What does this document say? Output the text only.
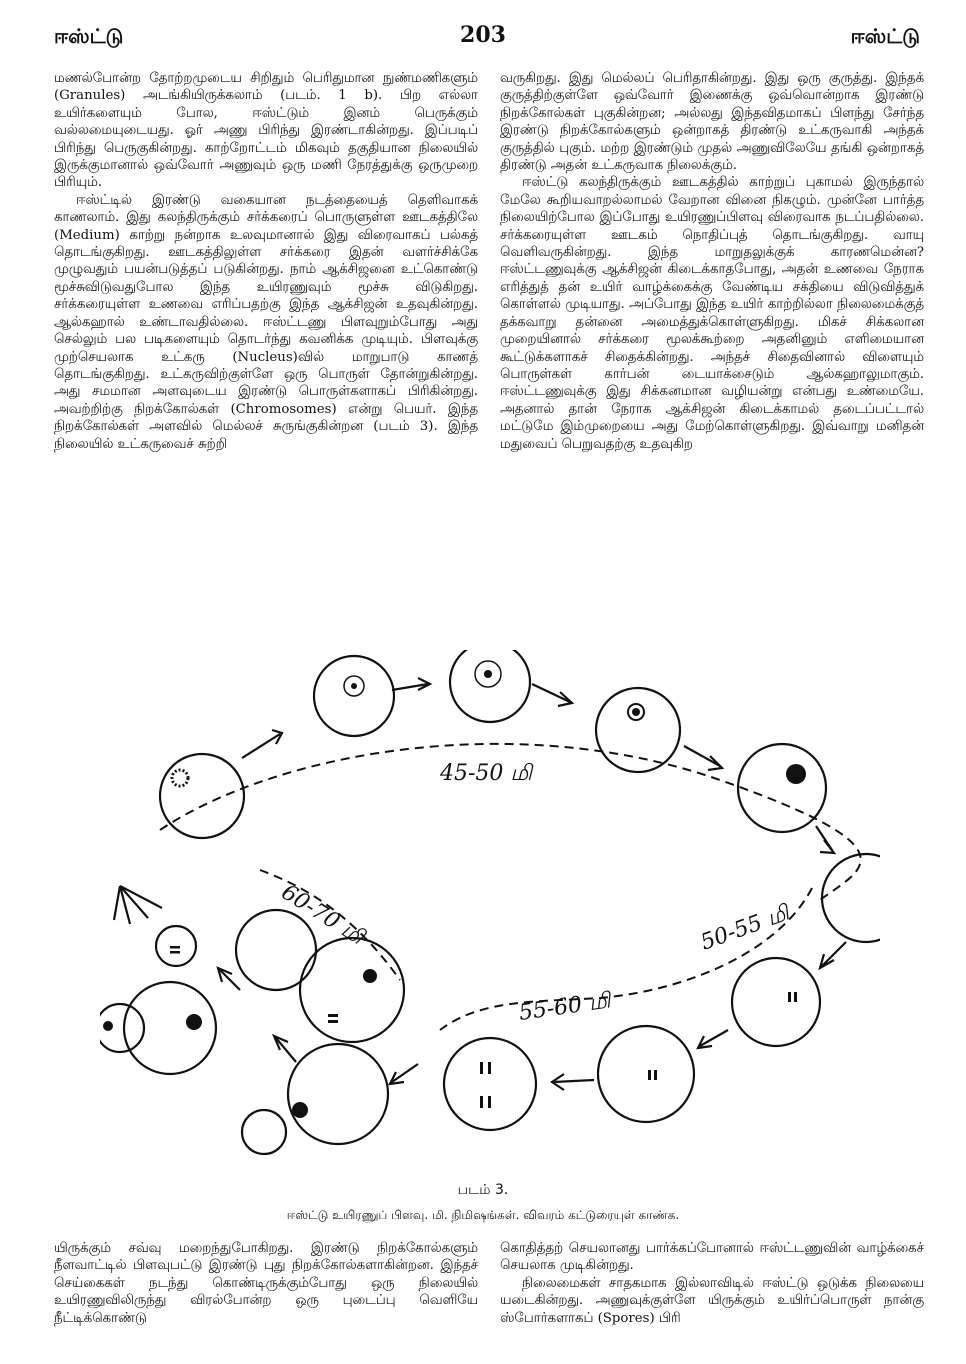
ஈஸ்ட்டு	203	ஈஸ்ட்டு

மணல்போன்ற தோற்றமுடைய சிறிதும் பெரிதுமான நுண்மணிகளும் (Granules) அடங்கியிருக்கலாம் (படம். 1 b). பிற எல்லா உயிர்களையும் போல, ஈஸ்ட்டும் இனம் பெருக்கும் வல்லமையுடையது. ஓர் அணு பிரிந்து இரண்டாகின்றது. இப்படிப் பிரிந்து பெருகுகின்றது. காற்றோட்டம் மிகவும் தகுதியான நிலையில் இருக்குமானால் ஒவ்வோர் அணுவும் ஒரு மணி நேரத்துக்கு ஒருமுறை பிரியும்.

ஈஸ்ட்டில் இரண்டு வகையான நடத்தையைத் தெளிவாகக் காணலாம். இது கலந்திருக்கும் சர்க்கரைப் பொருளுள்ள ஊடகத்திலே (Medium) காற்று நன்றாக உலவுமானால் இது விரைவாகப் பல்கத் தொடங்குகிறது. ஊடகத்திலுள்ள சர்க்கரை இதன் வளர்ச்சிக்கே முழுவதும் பயன்படுத்தப் படுகின்றது. நாம் ஆக்சிஜனை உட்கொண்டு மூச்சுவிடுவதுபோல இந்த உயிரணுவும் மூச்சு விடுகிறது. சர்க்கரையுள்ள உணவை எரிப்பதற்கு இந்த ஆக்சிஜன் உதவுகின்றது. ஆல்கஹால் உண்டாவதில்லை. ஈஸ்ட்டணு பிளவுறும்போது அது செல்லும் பல படிகளையும் தொடர்ந்து கவனிக்க முடியும். பிளவுக்கு முற்செயலாக உட்கரு (Nucleus)வில் மாறுபாடு காணத் தொடங்குகிறது. உட்கருவிற்குள்ளே ஒரு பொருள் தோன்றுகின்றது. அது சமமான அளவுடைய இரண்டு பொருள்களாகப் பிரிகின்றது. அவற்றிற்கு நிறக்கோல்கள் (Chromosomes) என்று பெயர். இந்த நிறக்கோல்கள் அளவில் மெல்லச் சுருங்குகின்றன (படம் 3). இந்த நிலையில் உட்கருவைச் சுற்றி

வருகிறது. இது மெல்லப் பெரிதாகின்றது. இது ஒரு குருத்து. இந்தக் குருத்திற்குள்ளே ஒவ்வோர் இணைக்கு ஒவ்வொன்றாக இரண்டு நிறக்கோல்கள் புகுகின்றன; அல்லது இந்தவிதமாகப் பிளந்து சேர்ந்த இரண்டு நிறக்கோல்களும் ஒன்றாகத் திரண்டு உட்கருவாகி அந்தக் குருத்தில் புகும். மற்ற இரண்டும் முதல் அணுவிலேயே தங்கி ஒன்றாகத் திரண்டு அதன் உட்கருவாக நிலைக்கும்.

ஈஸ்ட்டு கலந்திருக்கும் ஊடகத்தில் காற்றுப் புகாமல் இருந்தால் மேலே கூறியவாறல்லாமல் வேறான வினை நிகழும். முன்னே பார்த்த நிலையிற்போல இப்போது உயிரணுப்பிளவு விரைவாக நடப்பதில்லை. சர்க்கரையுள்ள ஊடகம் நொதிப்புத் தொடங்குகிறது. வாயு வெளிவருகின்றது. இந்த மாறுதலுக்குக் காரணமென்ன? ஈஸ்ட்டணுவுக்கு ஆக்சிஜன் கிடைக்காதபோது, அதன் உணவை நேராக எரித்துத் தன் உயிர் வாழ்க்கைக்கு வேண்டிய சக்தியை விடுவித்துக் கொள்ளல் முடியாது. அப்போது இந்த உயிர் காற்றில்லா நிலைமைக்குத் தக்கவாறு தன்னை அமைத்துக்கொள்ளுகிறது. மிகச் சிக்கலான முறையினால் சர்க்கரை மூலக்கூற்றை அதனினும் எளிமையான கூட்டுக்களாகச் சிதைக்கின்றது. அந்தச் சிதைவினால் விளையும் பொருள்கள் கார்பன் டையாக்சைடும் ஆல்கஹாலுமாகும். ஈஸ்ட்டணுவுக்கு இது சிக்கனமான வழியன்று என்பது உண்மையே. அதனால் தான் நேராக ஆக்சிஜன் கிடைக்காமல் தடைப்பட்டால் மட்டுமே இம்முறையை அது மேற்கொள்ளுகிறது. இவ்வாறு மனிதன் மதுவைப் பெறுவதற்கு உதவுகிற

45-50 மி
50-55 மி
55-60 மி
60-70 மி
படம் 3.
ஈஸ்ட்டு உயிரணுப் பிளவு. மி. நிமிஷங்கள். விவரம் கட்டுரையுள் காண்க.

யிருக்கும் சவ்வு மறைந்துபோகிறது. இரண்டு நிறக்கோல்களும் நீளவாட்டில் பிளவுபட்டு இரண்டு புது நிறக்கோல்களாகின்றன. இந்தச் செய்கைகள் நடந்து கொண்டிருக்கும்போது ஒரு நிலையில் உயிரணுவிலிருந்து விரல்போன்ற ஒரு புடைப்பு வெளியே நீட்டிக்கொண்டு

கொதித்தற் செயலானது பார்க்கப்போனால் ஈஸ்ட்டணுவின் வாழ்க்கைச் செயலாக முடிகின்றது.

நிலைமைகள் சாதகமாக இல்லாவிடில் ஈஸ்ட்டு ஒடுக்க நிலையை யடைகின்றது. அணுவுக்குள்ளே யிருக்கும் உயிர்ப்பொருள் நான்கு ஸ்போர்களாகப் (Spores) பிரி
